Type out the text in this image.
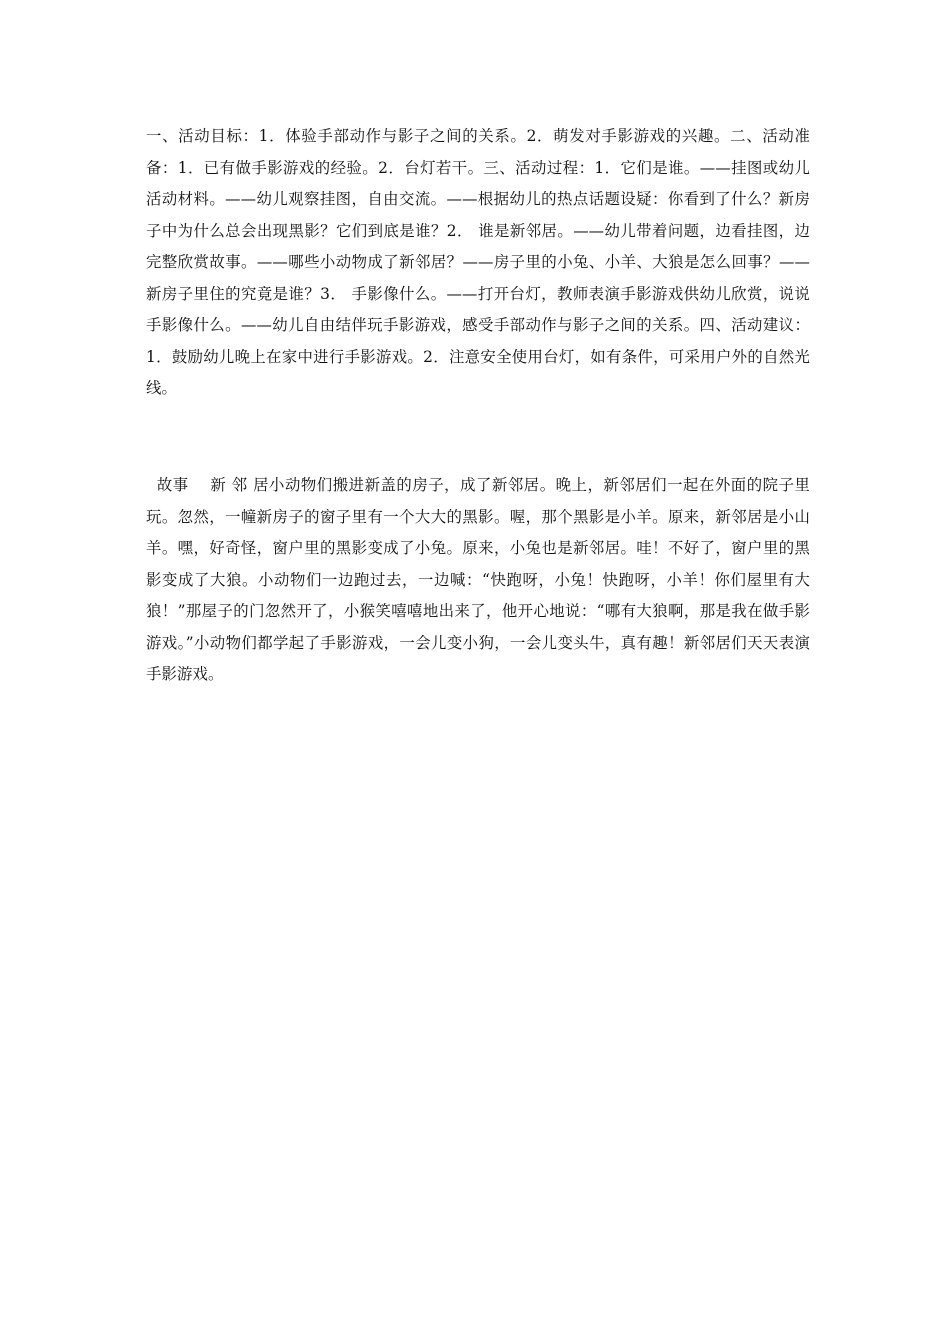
一、活动目标：1．体验手部动作与影子之间的关系。2．萌发对手影游戏的兴趣。二、活动准备：1．已有做手影游戏的经验。2．台灯若干。三、活动过程：1．它们是谁。——挂图或幼儿活动材料。——幼儿观察挂图，自由交流。——根据幼儿的热点话题设疑：你看到了什么？新房子中为什么总会出现黑影？它们到底是谁？2． 谁是新邻居。——幼儿带着问题，边看挂图，边完整欣赏故事。——哪些小动物成了新邻居？——房子里的小兔、小羊、大狼是怎么回事？——新房子里住的究竟是谁？3． 手影像什么。——打开台灯，教师表演手影游戏供幼儿欣赏，说说手影像什么。——幼儿自由结伴玩手影游戏，感受手部动作与影子之间的关系。四、活动建议：1．鼓励幼儿晚上在家中进行手影游戏。2．注意安全使用台灯，如有条件，可采用户外的自然光线。

故事    新 邻 居小动物们搬进新盖的房子，成了新邻居。晚上，新邻居们一起在外面的院子里玩。忽然，一幢新房子的窗子里有一个大大的黑影。喔，那个黑影是小羊。原来，新邻居是小山羊。嘿，好奇怪，窗户里的黑影变成了小兔。原来，小兔也是新邻居。哇！不好了，窗户里的黑影变成了大狼。小动物们一边跑过去，一边喊：“快跑呀，小兔！快跑呀，小羊！你们屋里有大狼！”那屋子的门忽然开了，小猴笑嘻嘻地出来了，他开心地说：“哪有大狼啊，那是我在做手影游戏。”小动物们都学起了手影游戏，一会儿变小狗，一会儿变头牛，真有趣！新邻居们天天表演手影游戏。
